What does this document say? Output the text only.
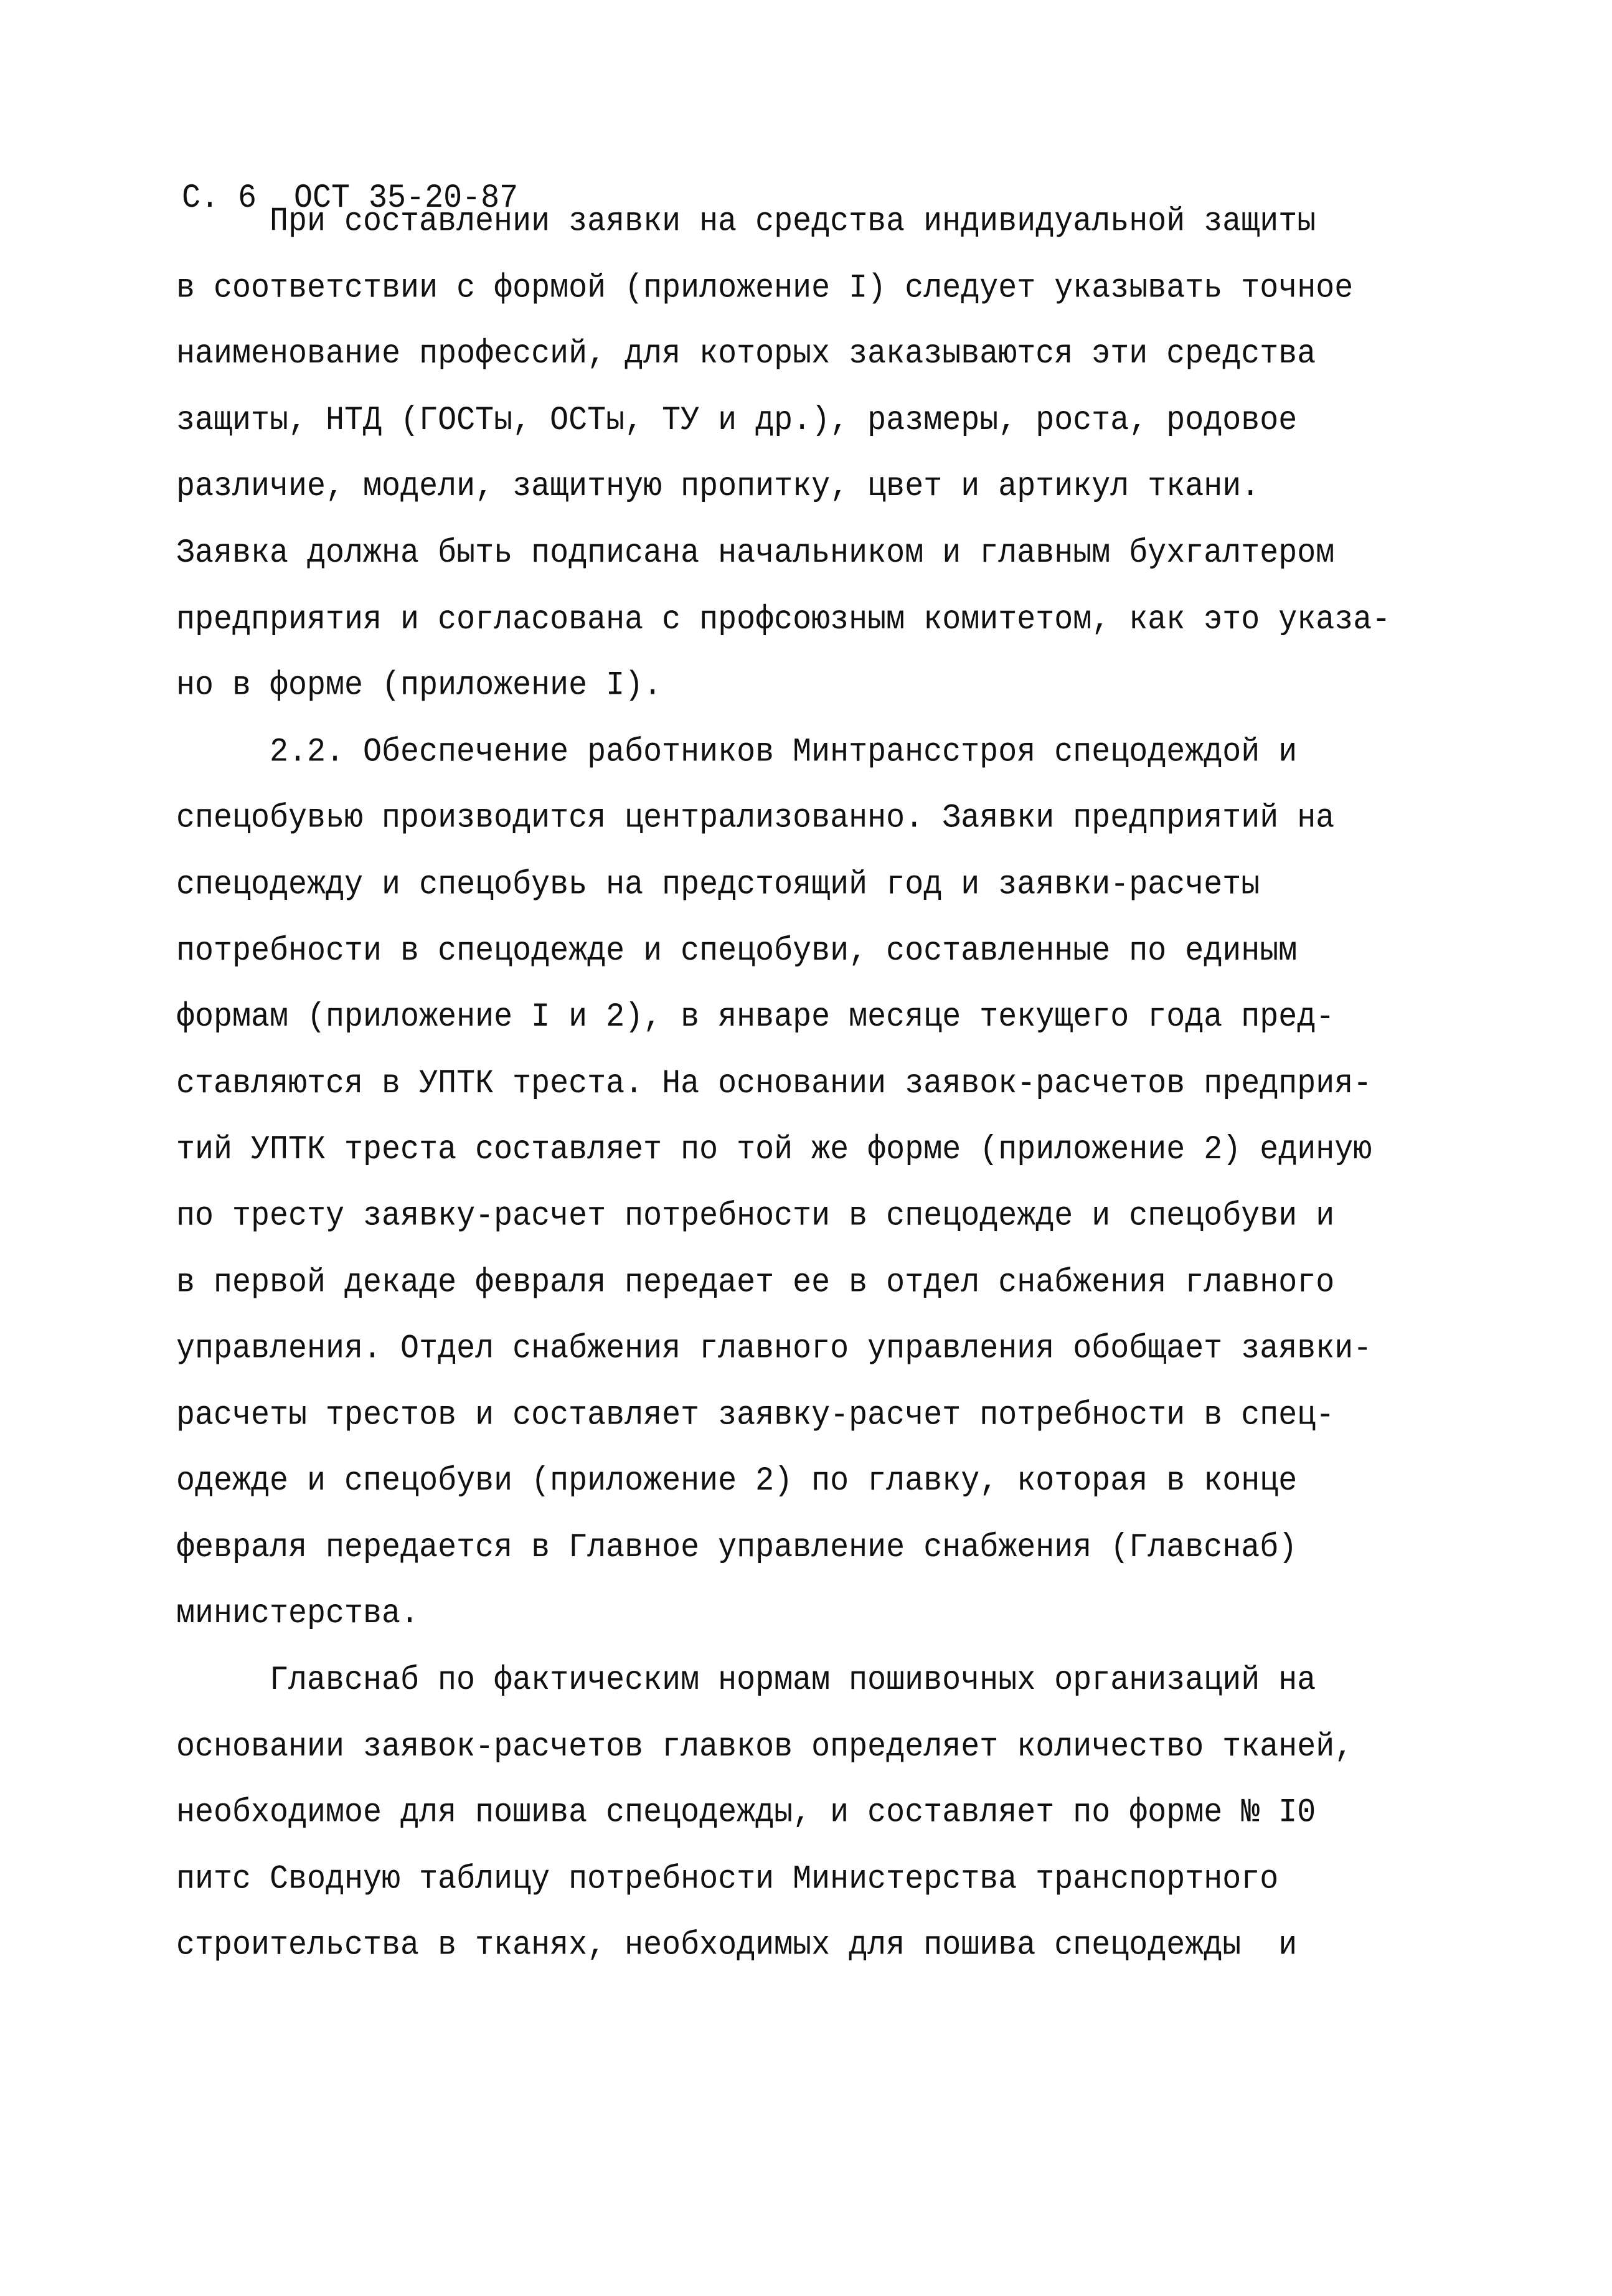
С. 6  ОСТ 35-20-87
При составлении заявки на средства индивидуальной защиты
в соответствии с формой (приложение I) следует указывать точное
наименование профессий, для которых заказываются эти средства
защиты, НТД (ГОСТы, ОСТы, ТУ и др.), размеры, роста, родовое
различие, модели, защитную пропитку, цвет и артикул ткани.
Заявка должна быть подписана начальником и главным бухгалтером
предприятия и согласована с профсоюзным комитетом, как это указа-
но в форме (приложение I).
2.2. Обеспечение работников Минтрансстроя спецодеждой и
спецобувью производится централизованно. Заявки предприятий на
спецодежду и спецобувь на предстоящий год и заявки-расчеты
потребности в спецодежде и спецобуви, составленные по единым
формам (приложение I и 2), в январе месяце текущего года пред-
ставляются в УПТК треста. На основании заявок-расчетов предприя-
тий УПТК треста составляет по той же форме (приложение 2) единую
по тресту заявку-расчет потребности в спецодежде и спецобуви и
в первой декаде февраля передает ее в отдел снабжения главного
управления. Отдел снабжения главного управления обобщает заявки-
расчеты трестов и составляет заявку-расчет потребности в спец-
одежде и спецобуви (приложение 2) по главку, которая в конце
февраля передается в Главное управление снабжения (Главснаб)
министерства.
Главснаб по фактическим нормам пошивочных организаций на
основании заявок-расчетов главков определяет количество тканей,
необходимое для пошива спецодежды, и составляет по форме № I0
питс Сводную таблицу потребности Министерства транспортного
строительства в тканях, необходимых для пошива спецодежды  и
